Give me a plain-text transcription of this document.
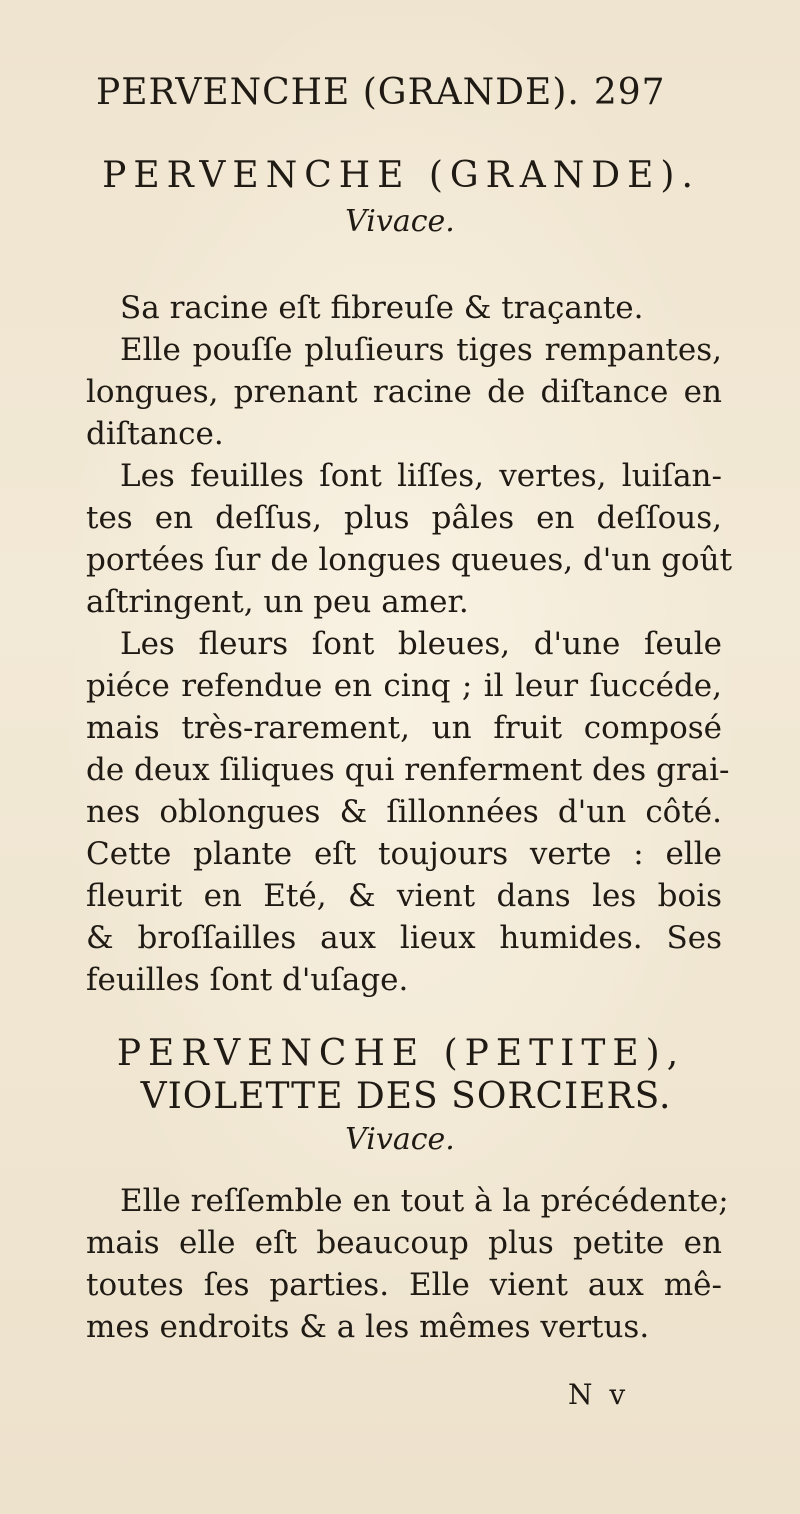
PERVENCHE (GRANDE). 297
PERVENCHE (GRANDE).
Vivace.

Sa racine eſt fibreuſe & traçante.

Elle pouſſe pluſieurs tiges rempantes,
longues, prenant racine de diſtance en
diſtance.

Les feuilles ſont liſſes, vertes, luiſan-
tes en deſſus, plus pâles en deſſous,
portées ſur de longues queues, d'un goût
aſtringent, un peu amer.

Les fleurs ſont bleues, d'une ſeule
piéce refendue en cinq ; il leur ſuccéde,
mais très-rarement, un fruit composé
de deux ſiliques qui renferment des grai-
nes oblongues & ſillonnées d'un côté.
Cette plante eſt toujours verte : elle
fleurit en Eté, & vient dans les bois
& broſſailles aux lieux humides. Ses
feuilles ſont d'uſage.

PERVENCHE (PETITE),
VIOLETTE DES SORCIERS.
Vivace.

Elle reſſemble en tout à la précédente;
mais elle eſt beaucoup plus petite en
toutes ſes parties. Elle vient aux mê-
mes endroits & a les mêmes vertus.

N v
